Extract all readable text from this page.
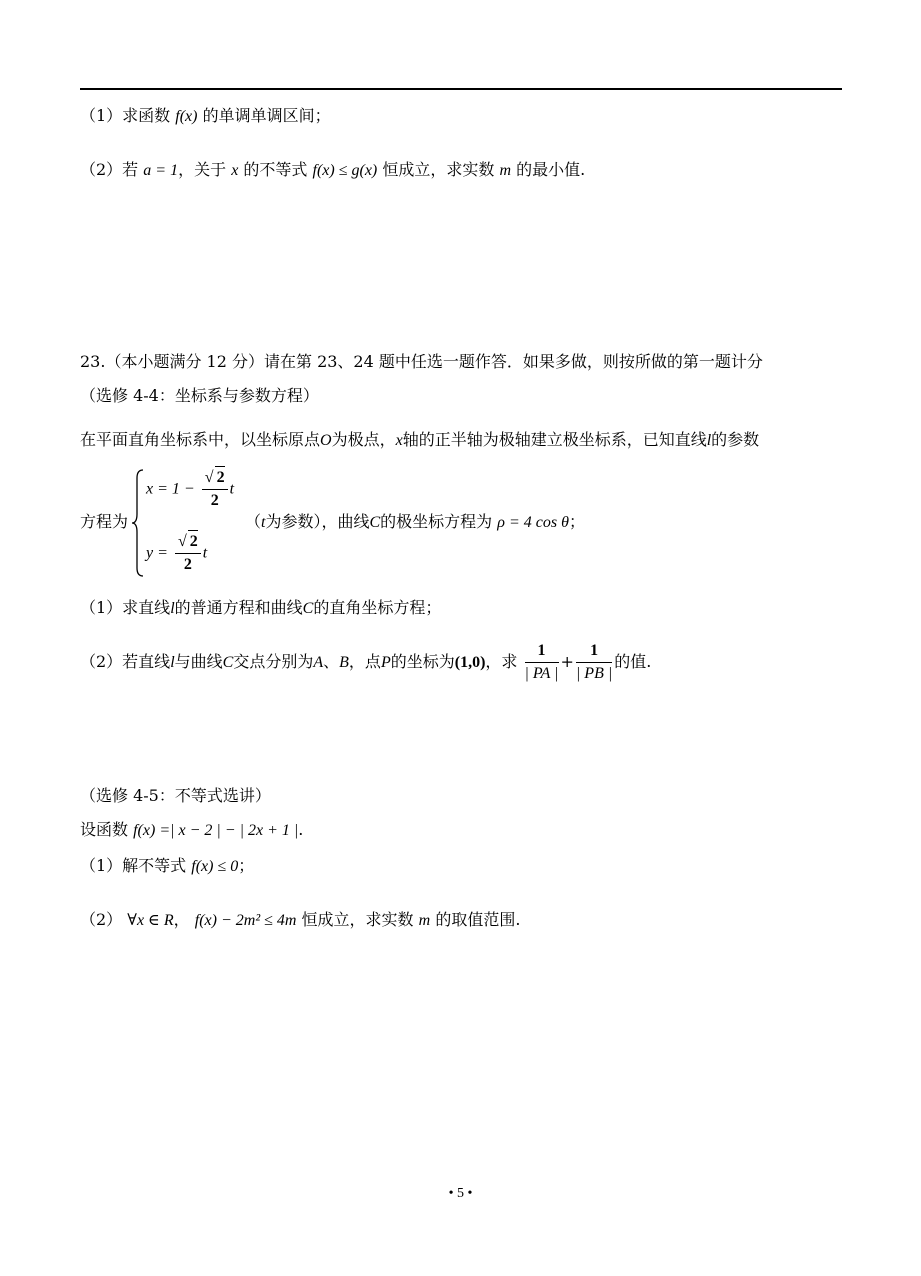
（1）求函数 f(x) 的单调单调区间；
（2）若 a = 1，关于 x 的不等式 f(x) ≤ g(x) 恒成立，求实数 m 的最小值.
23.（本小题满分 12 分）请在第 23、24 题中任选一题作答．如果多做，则按所做的第一题计分
（选修 4-4：坐标系与参数方程）
在平面直角坐标系中，以坐标原点O为极点，x轴的正半轴为极轴建立极坐标系，已知直线l的参数
方程为
$x = 1 - \frac{√ 2}{2}$ t
$y = \frac{√ 2}{2}$ t
（t为参数），曲线C的极坐标方程为 ρ = 4 cos θ；
（1）求直线l的普通方程和曲线C的直角坐标方程；
（2）若直线l与曲线C交点分别为A、B，点P的坐标为(1,0)，求 $\frac{1}{| PA |} + \frac{1}{| PB |}$ 的值.
（选修 4-5：不等式选讲）
设函数 f(x) =| x − 2 | − | 2x + 1 |.
（1）解不等式 f(x) ≤ 0；
（2） ∀x ∈ R， f(x) − 2m² ≤ 4m 恒成立，求实数 m 的取值范围.
• 5 •
